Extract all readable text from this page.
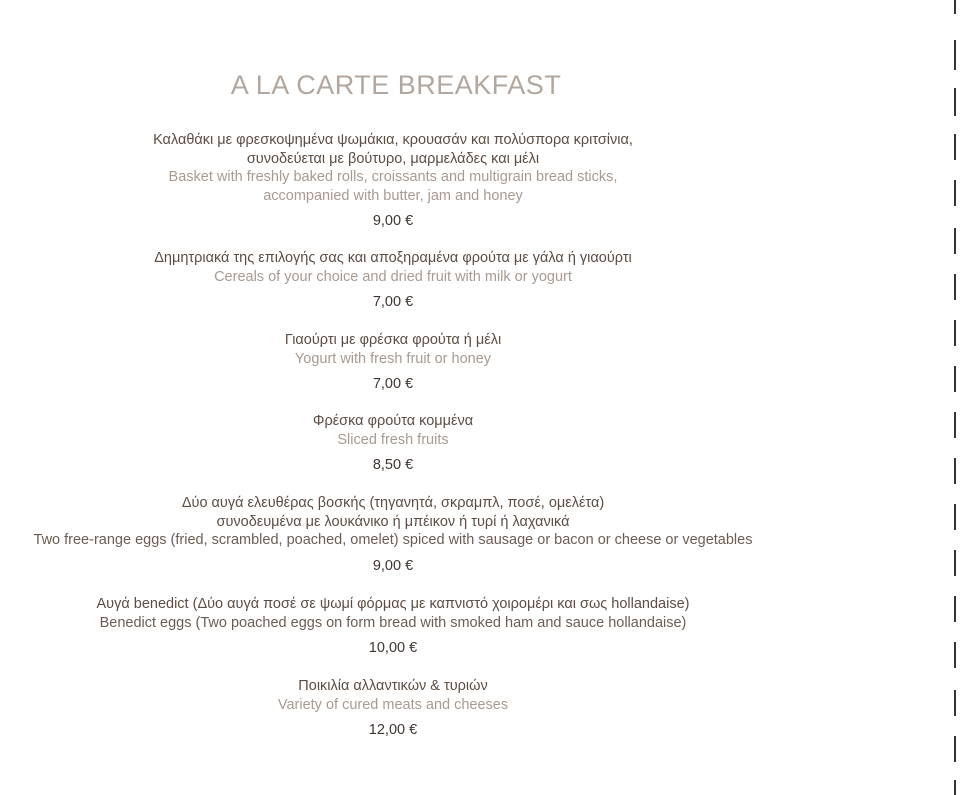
A LA CARTE BREAKFAST
Καλαθάκι με φρεσκοψημένα ψωμάκια, κρουασάν και πολύσπορα κριτσίνια,
συνοδεύεται με βούτυρο, μαρμελάδες και μέλι
Basket with freshly baked rolls, croissants and multigrain bread sticks,
accompanied with butter, jam and honey
9,00 €
Δημητριακά της επιλογής σας και αποξηραμένα φρούτα με γάλα ή γιαούρτι
Cereals of your choice and dried fruit with milk or yogurt
7,00 €
Γιαούρτι με φρέσκα φρούτα ή μέλι
Yogurt with fresh fruit or honey
7,00 €
Φρέσκα φρούτα κομμένα
Sliced fresh fruits
8,50 €
Δύο αυγά ελευθέρας βοσκής (τηγανητά, σκραμπλ, ποσέ, ομελέτα)
συνοδευμένα με λουκάνικο ή μπέικον ή τυρί ή λαχανικά
Two free-range eggs (fried, scrambled, poached, omelet) spiced with sausage or bacon or cheese or vegetables
9,00 €
Αυγά benedict (Δύο αυγά ποσέ σε ψωμί φόρμας με καπνιστό χοιρομέρι και σως hollandaise)
Benedict eggs (Two poached eggs on form bread with smoked ham and sauce hollandaise)
10,00 €
Ποικιλία αλλαντικών & τυριών
Variety of cured meats and cheeses
12,00 €
